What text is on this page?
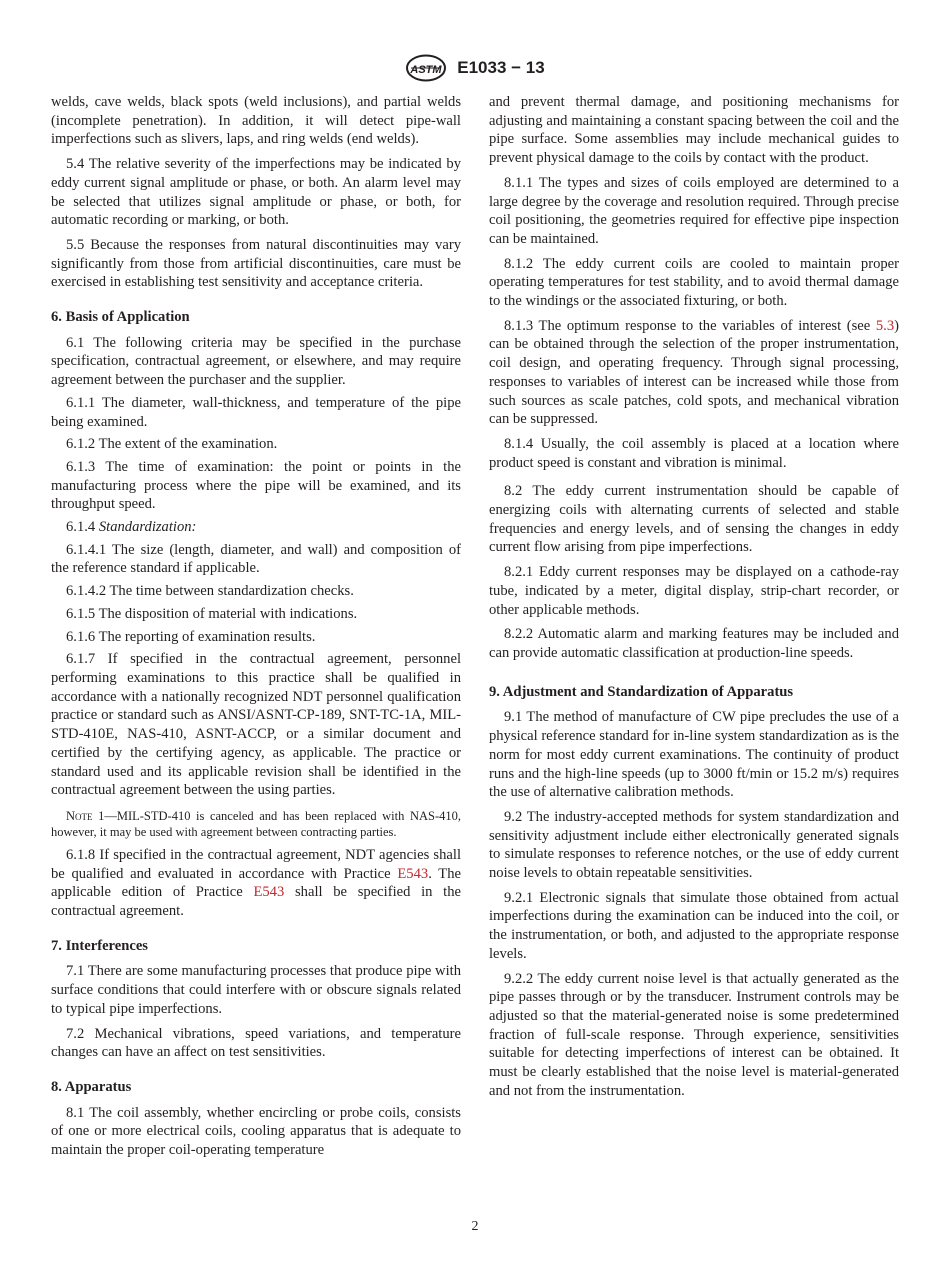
ASTM E1033 − 13

welds, cave welds, black spots (weld inclusions), and partial welds (incomplete penetration). In addition, it will detect pipe-wall imperfections such as slivers, laps, and ring welds (end welds).

5.4 The relative severity of the imperfections may be indicated by eddy current signal amplitude or phase, or both. An alarm level may be selected that utilizes signal amplitude or phase, or both, for automatic recording or marking, or both.

5.5 Because the responses from natural discontinuities may vary significantly from those from artificial discontinuities, care must be exercised in establishing test sensitivity and acceptance criteria.

6. Basis of Application

6.1 The following criteria may be specified in the purchase specification, contractual agreement, or elsewhere, and may require agreement between the purchaser and the supplier.

6.1.1 The diameter, wall-thickness, and temperature of the pipe being examined.

6.1.2 The extent of the examination.

6.1.3 The time of examination: the point or points in the manufacturing process where the pipe will be examined, and its throughput speed.

6.1.4 Standardization:

6.1.4.1 The size (length, diameter, and wall) and composition of the reference standard if applicable.

6.1.4.2 The time between standardization checks.

6.1.5 The disposition of material with indications.

6.1.6 The reporting of examination results.

6.1.7 If specified in the contractual agreement, personnel performing examinations to this practice shall be qualified in accordance with a nationally recognized NDT personnel qualification practice or standard such as ANSI/ASNT-CP-189, SNT-TC-1A, MIL-STD-410E, NAS-410, ASNT-ACCP, or a similar document and certified by the certifying agency, as applicable. The practice or standard used and its applicable revision shall be identified in the contractual agreement between the using parties.

Note 1—MIL-STD-410 is canceled and has been replaced with NAS-410, however, it may be used with agreement between contracting parties.

6.1.8 If specified in the contractual agreement, NDT agencies shall be qualified and evaluated in accordance with Practice E543. The applicable edition of Practice E543 shall be specified in the contractual agreement.

7. Interferences

7.1 There are some manufacturing processes that produce pipe with surface conditions that could interfere with or obscure signals related to typical pipe imperfections.

7.2 Mechanical vibrations, speed variations, and temperature changes can have an affect on test sensitivities.

8. Apparatus

8.1 The coil assembly, whether encircling or probe coils, consists of one or more electrical coils, cooling apparatus that is adequate to maintain the proper coil-operating temperature

and prevent thermal damage, and positioning mechanisms for adjusting and maintaining a constant spacing between the coil and the pipe surface. Some assemblies may include mechanical guides to prevent physical damage to the coils by contact with the product.

8.1.1 The types and sizes of coils employed are determined to a large degree by the coverage and resolution required. Through precise coil positioning, the geometries required for effective pipe inspection can be maintained.

8.1.2 The eddy current coils are cooled to maintain proper operating temperatures for test stability, and to avoid thermal damage to the windings or the associated fixturing, or both.

8.1.3 The optimum response to the variables of interest (see 5.3) can be obtained through the selection of the proper instrumentation, coil design, and operating frequency. Through signal processing, responses to variables of interest can be increased while those from such sources as scale patches, cold spots, and mechanical vibration can be suppressed.

8.1.4 Usually, the coil assembly is placed at a location where product speed is constant and vibration is minimal.

8.2 The eddy current instrumentation should be capable of energizing coils with alternating currents of selected and stable frequencies and energy levels, and of sensing the changes in eddy current flow arising from pipe imperfections.

8.2.1 Eddy current responses may be displayed on a cathode-ray tube, indicated by a meter, digital display, strip-chart recorder, or other applicable methods.

8.2.2 Automatic alarm and marking features may be included and can provide automatic classification at production-line speeds.

9. Adjustment and Standardization of Apparatus

9.1 The method of manufacture of CW pipe precludes the use of a physical reference standard for in-line system standardization as is the norm for most eddy current examinations. The continuity of product runs and the high-line speeds (up to 3000 ft/min or 15.2 m/s) requires the use of alternative calibration methods.

9.2 The industry-accepted methods for system standardization and sensitivity adjustment include either electronically generated signals to simulate responses to reference notches, or the use of eddy current noise levels to obtain repeatable sensitivities.

9.2.1 Electronic signals that simulate those obtained from actual imperfections during the examination can be induced into the coil, or the instrumentation, or both, and adjusted to the appropriate response levels.

9.2.2 The eddy current noise level is that actually generated as the pipe passes through or by the transducer. Instrument controls may be adjusted so that the material-generated noise is some predetermined fraction of full-scale response. Through experience, sensitivities suitable for detecting imperfections of interest can be obtained. It must be clearly established that the noise level is material-generated and not from the instrumentation.

2
